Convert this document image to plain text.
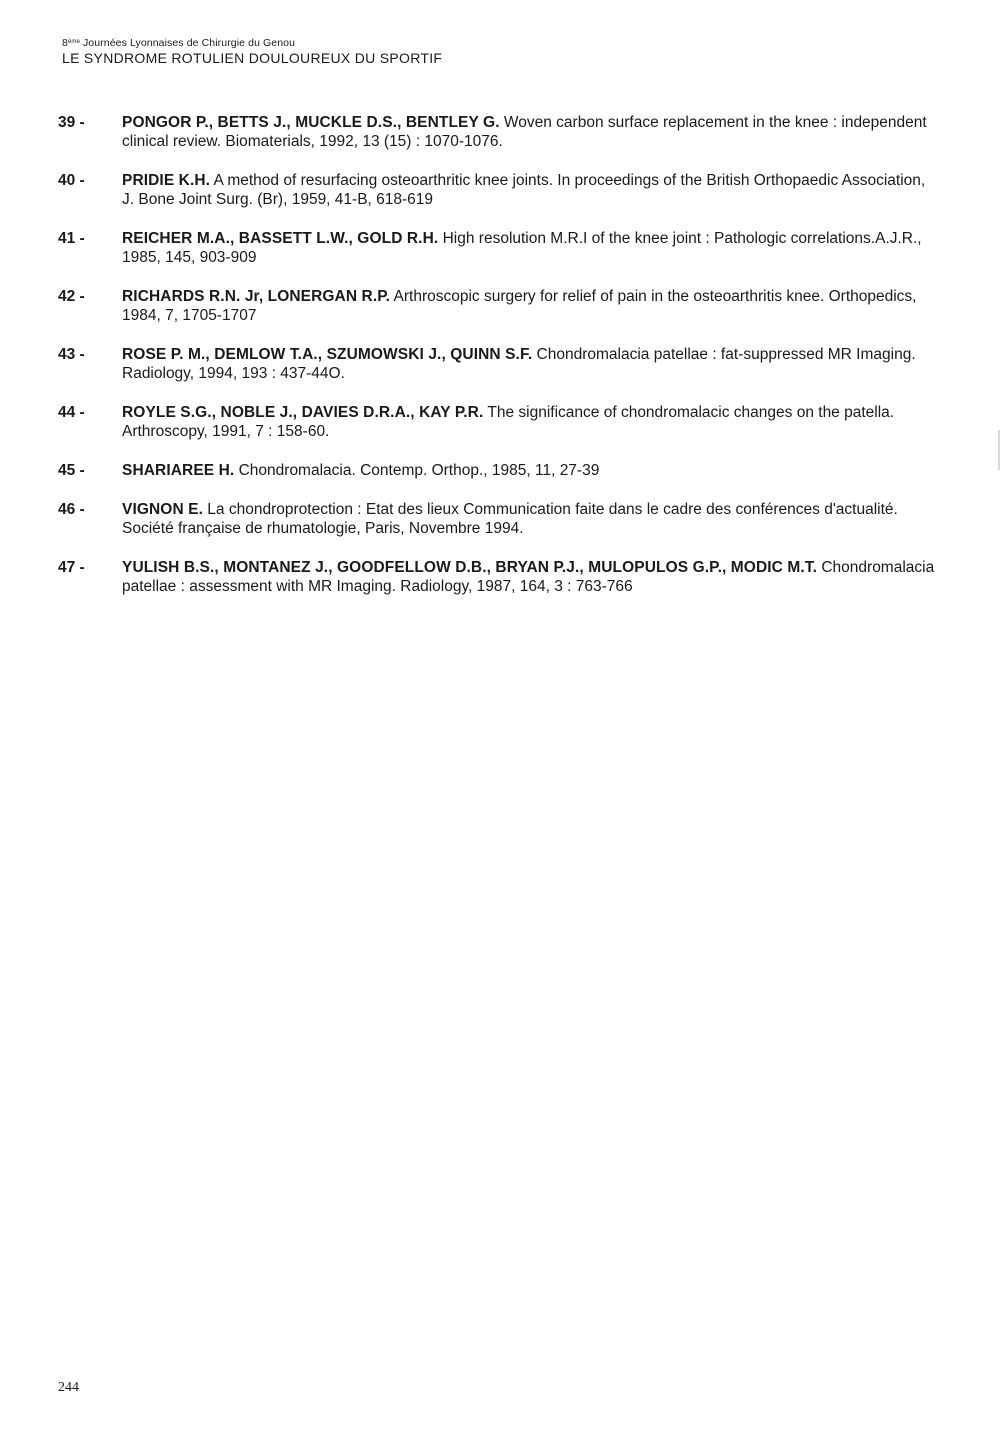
8ème Journées Lyonnaises de Chirurgie du Genou
LE SYNDROME ROTULIEN DOULOUREUX DU SPORTIF
39 -	PONGOR P., BETTS J., MUCKLE D.S., BENTLEY G. Woven carbon surface replacement in the knee : independent clinical review. Biomaterials, 1992, 13 (15) : 1070-1076.
40 -	PRIDIE K.H. A method of resurfacing osteoarthritic knee joints. In proceedings of the British Orthopaedic Association, J. Bone Joint Surg. (Br), 1959, 41-B, 618-619
41 -	REICHER M.A., BASSETT L.W., GOLD R.H. High resolution M.R.I of the knee joint : Pathologic correlations.A.J.R., 1985, 145, 903-909
42 -	RICHARDS R.N. Jr, LONERGAN R.P. Arthroscopic surgery for relief of pain in the osteoarthritis knee. Orthopedics, 1984, 7, 1705-1707
43 -	ROSE P. M., DEMLOW T.A., SZUMOWSKI J., QUINN S.F. Chondromalacia patellae : fat-suppressed MR Imaging. Radiology, 1994, 193 : 437-44O.
44 -	ROYLE S.G., NOBLE J., DAVIES D.R.A., KAY P.R. The significance of chondromalacic changes on the patella. Arthroscopy, 1991, 7 : 158-60.
45 -	SHARIAREE H. Chondromalacia. Contemp. Orthop., 1985, 11, 27-39
46 -	VIGNON E. La chondroprotection : Etat des lieux Communication faite dans le cadre des conférences d'actualité. Société française de rhumatologie, Paris, Novembre 1994.
47 -	YULISH B.S., MONTANEZ J., GOODFELLOW D.B., BRYAN P.J., MULOPULOS G.P., MODIC M.T. Chondromalacia patellae : assessment with MR Imaging. Radiology, 1987, 164, 3 : 763-766
244
